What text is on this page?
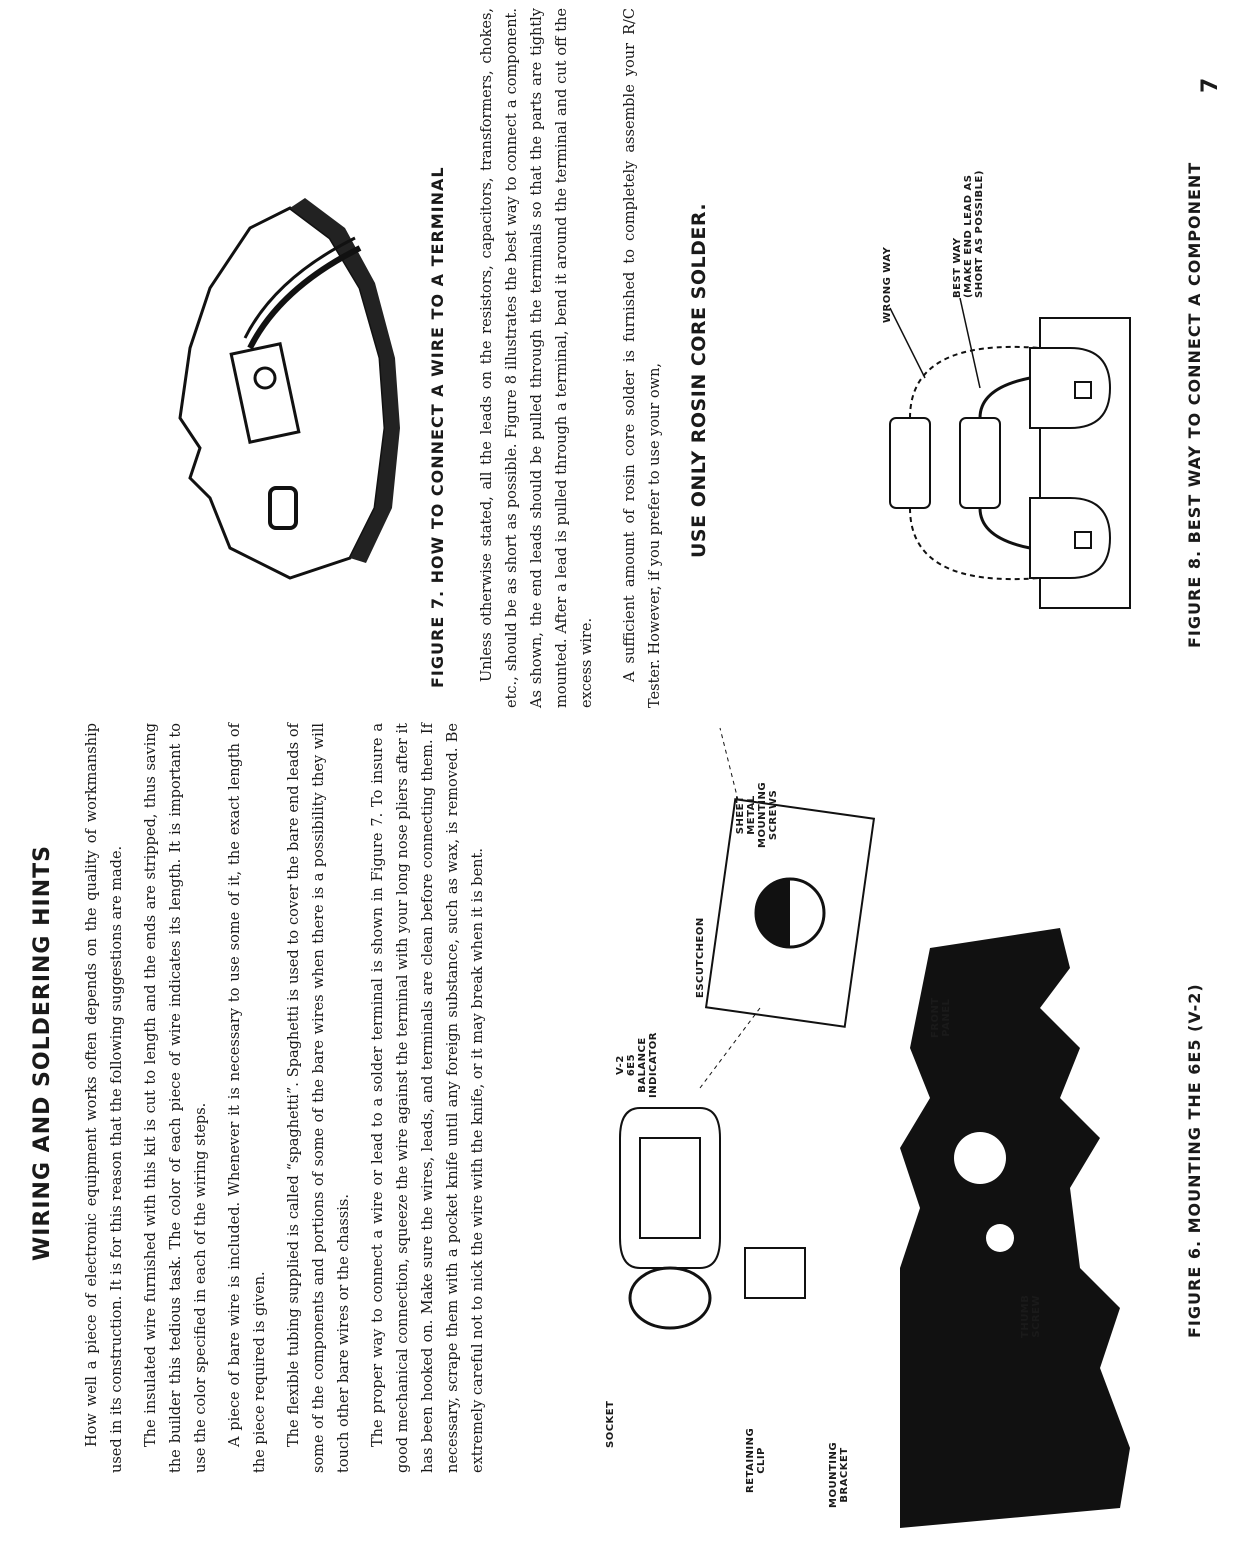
7
WIRING AND SOLDERING HINTS How well a piece of electronic equipment works often depends on the quality of workmanship used in its construction. It is for this reason that the following suggestions are made.	The insulated wire furnished with this kit is cut to length and the ends are stripped, thus saving the builder this tedious task. The color of each piece of wire indicates its length. It is important to use the color specified in each of the wiring steps.	A piece of bare wire is included. Whenever it is necessary to use some of it, the exact length of the piece required is given.	The flexible tubing supplied is called “spaghetti”. Spaghetti is used to cover the bare end leads of some of the components and portions of some of the bare wires when there is a possibility they will touch other bare wires or the chassis.	The proper way to connect a wire or lead to a solder terminal is shown in Figure 7. To insure a good mechanical connection, squeeze the wire against the terminal with your long nose pliers after it has been hooked on. Make sure the wires, leads, and terminals are clean before connecting them. If necessary, scrape them with a pocket knife until any foreign substance, such as wax, is removed. Be extremely careful not to nick the wire with the knife, or it may break when it is bent.

FIGURE 7. HOW TO CONNECT A WIRE TO A TERMINAL Unless otherwise stated, all the leads on the resistors, capacitors, transformers, chokes, etc., should be as short as possible. Figure 8 illustrates the best way to connect a component. As shown, the end leads should be pulled through the terminals so that the parts are tightly mounted. After a lead is pulled through a terminal, bend it around the terminal and cut off the excess wire.	A sufficient amount of rosin core solder is furnished to completely assemble your R/C Tester. However, if you prefer to use your own, USE ONLY ROSIN CORE SOLDER.	WRONG WAY	BEST WAY (MAKE END LEAD AS SHORT AS POSSIBLE)	FIGURE 8. BEST WAY TO CONNECT A COMPONENT
SOCKET
V-2 6E5 BALANCE INDICATOR
ESCUTCHEON
SHEET METAL MOUNTING SCREWS
FRONT PANEL
RETAINING CLIP	MOUNTING BRACKET
THUMB SCREW	FIGURE 6. MOUNTING THE 6E5 (V-2)
